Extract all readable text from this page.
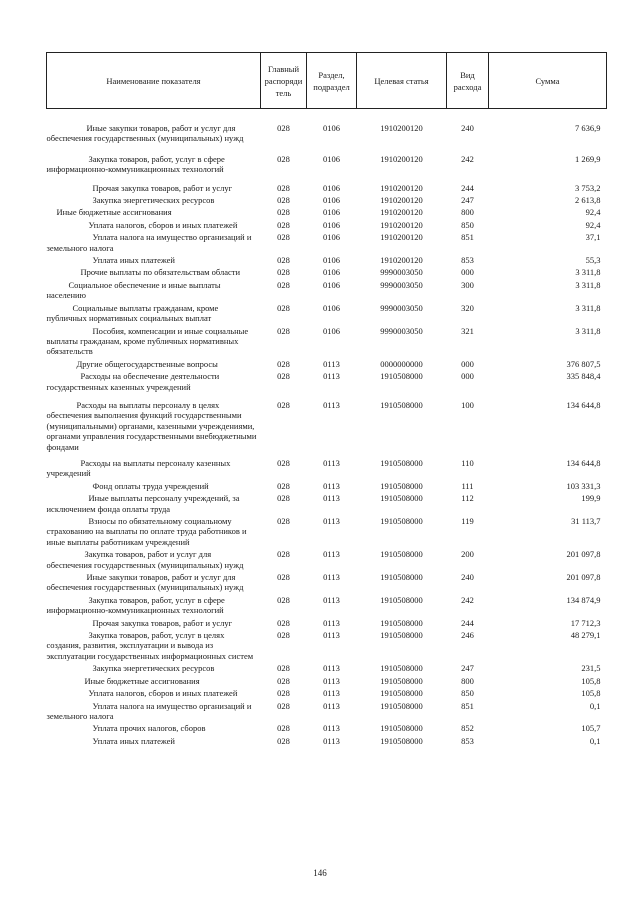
Наименование показателя	Главный распоряди тель	Раздел, подраздел	Целевая статья	Вид расхода	Сумма

Иные закупки товаров, работ и услуг для обеспечения государственных (муниципальных) нужд	028	0106	1910200120	240	7 636,9

Закупка товаров, работ, услуг в сфере информационно-коммуникационных технологий	028	0106	1910200120	242	1 269,9

Прочая закупка товаров, работ и услуг	028	0106	1910200120	244	3 753,2

Закупка энергетических ресурсов	028	0106	1910200120	247	2 613,8

Иные бюджетные ассигнования	028	0106	1910200120	800	92,4

Уплата налогов, сборов и иных платежей	028	0106	1910200120	850	92,4

Уплата налога на имущество организаций и земельного налога	028	0106	1910200120	851	37,1

Уплата иных платежей	028	0106	1910200120	853	55,3

Прочие выплаты по обязательствам области	028	0106	9990003050	000	3 311,8

Социальное обеспечение и иные выплаты населению	028	0106	9990003050	300	3 311,8

Социальные выплаты гражданам, кроме публичных нормативных социальных выплат	028	0106	9990003050	320	3 311,8

Пособия, компенсации и иные социальные выплаты гражданам, кроме публичных нормативных обязательств	028	0106	9990003050	321	3 311,8

Другие общегосударственные вопросы	028	0113	0000000000	000	376 807,5

Расходы на обеспечение деятельности государственных казенных учреждений	028	0113	1910508000	000	335 848,4

Расходы на выплаты персоналу в целях обеспечения выполнения функций государственными (муниципальными) органами, казенными учреждениями, органами управления государственными внебюджетными фондами	028	0113	1910508000	100	134 644,8

Расходы на выплаты персоналу казенных учреждений	028	0113	1910508000	110	134 644,8

Фонд оплаты труда учреждений	028	0113	1910508000	111	103 331,3

Иные выплаты персоналу учреждений, за исключением фонда оплаты труда	028	0113	1910508000	112	199,9

Взносы по обязательному социальному страхованию на выплаты по оплате труда работников и иные выплаты работникам учреждений	028	0113	1910508000	119	31 113,7

Закупка товаров, работ и услуг для обеспечения государственных (муниципальных) нужд	028	0113	1910508000	200	201 097,8

Иные закупки товаров, работ и услуг для обеспечения государственных (муниципальных) нужд	028	0113	1910508000	240	201 097,8

Закупка товаров, работ, услуг в сфере информационно-коммуникационных технологий	028	0113	1910508000	242	134 874,9

Прочая закупка товаров, работ и услуг	028	0113	1910508000	244	17 712,3

Закупка товаров, работ, услуг в целях создания, развития, эксплуатации и вывода из эксплуатации государственных информационных систем	028	0113	1910508000	246	48 279,1

Закупка энергетических ресурсов	028	0113	1910508000	247	231,5

Иные бюджетные ассигнования	028	0113	1910508000	800	105,8

Уплата налогов, сборов и иных платежей	028	0113	1910508000	850	105,8

Уплата налога на имущество организаций и земельного налога	028	0113	1910508000	851	0,1

Уплата прочих налогов, сборов	028	0113	1910508000	852	105,7

Уплата иных платежей	028	0113	1910508000	853	0,1
146
